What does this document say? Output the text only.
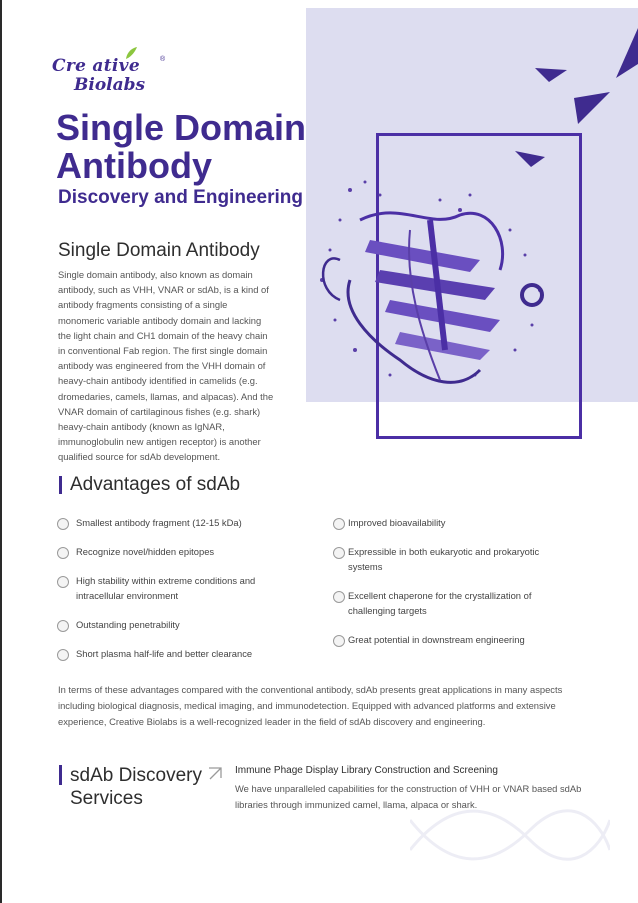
Cre ative
Biolabs
®
Single Domain
Antibody
Discovery and Engineering
Single Domain Antibody

Single domain antibody, also known as domain

antibody, such as VHH, VNAR or sdAb, is a kind of

antibody fragments consisting of a single

monomeric variable antibody domain and lacking

the light chain and CH1 domain of the heavy chain

in conventional Fab region. The first single domain

antibody was engineered from the VHH domain of

heavy-chain antibody identified in camelids (e.g.

dromedaries, camels, llamas, and alpacas). And the

VNAR domain of cartilaginous fishes (e.g. shark)

heavy-chain antibody (known as IgNAR,

immunoglobulin new antigen receptor) is another

qualified source for sdAb development.

Advantages of sdAb
Smallest antibody fragment (12-15 kDa)
Recognize novel/hidden epitopes
High stability within extreme conditions and
intracellular environment
Outstanding penetrability
Short plasma half-life and better clearance
Improved bioavailability
Expressible in both eukaryotic and prokaryotic
systems
Excellent chaperone for the crystallization of
challenging targets
Great potential in downstream engineering
In terms of these advantages compared with the conventional antibody, sdAb presents great applications in many aspects
including biological diagnosis, medical imaging, and immunodetection. Equipped with advanced platforms and extensive
experience, Creative Biolabs is a well-recognized leader in the field of sdAb discovery and engineering.
sdAb Discovery
Services
Immune Phage Display Library Construction and Screening
We have unparalleled capabilities for the construction of VHH or VNAR based sdAb
libraries through immunized camel, llama, alpaca or shark.
